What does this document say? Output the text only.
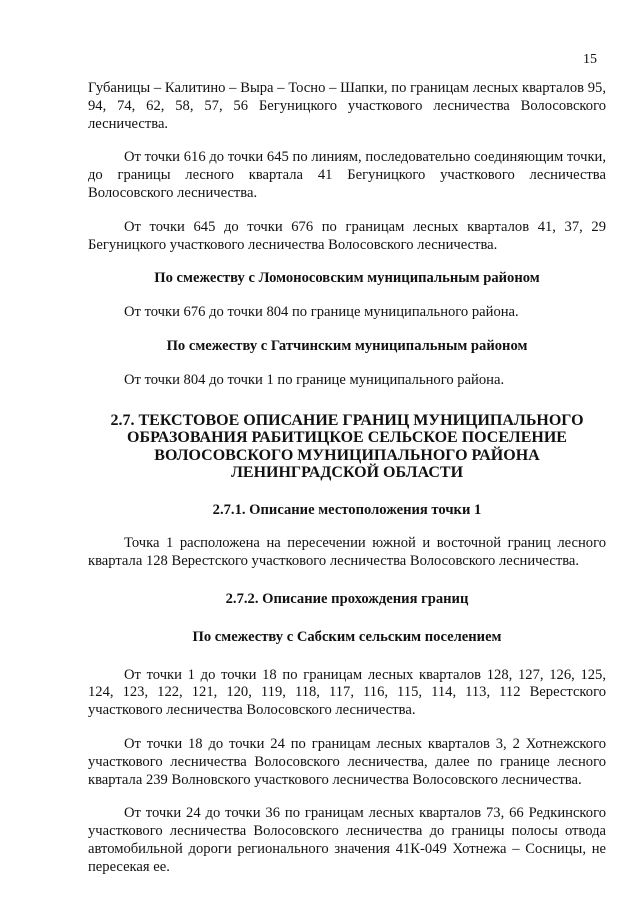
15

Губаницы – Калитино – Выра – Тосно – Шапки, по границам лесных кварталов 95, 94, 74, 62, 58, 57, 56 Бегуницкого участкового лесничества Волосовского лесничества.

От точки 616 до точки 645 по линиям, последовательно соединяющим точки, до границы лесного квартала 41 Бегуницкого участкового лесничества Волосовского лесничества.

От точки 645 до точки 676 по границам лесных кварталов 41, 37, 29 Бегуницкого участкового лесничества Волосовского лесничества.

По смежеству с Ломоносовским муниципальным районом

От точки 676 до точки 804 по границе муниципального района.

По смежеству с Гатчинским муниципальным районом

От точки 804 до точки 1 по границе муниципального района.

2.7. ТЕКСТОВОЕ ОПИСАНИЕ ГРАНИЦ МУНИЦИПАЛЬНОГО ОБРАЗОВАНИЯ РАБИТИЦКОЕ СЕЛЬСКОЕ ПОСЕЛЕНИЕ ВОЛОСОВСКОГО МУНИЦИПАЛЬНОГО РАЙОНА ЛЕНИНГРАДСКОЙ ОБЛАСТИ

2.7.1. Описание местоположения точки 1

Точка 1 расположена на пересечении южной и восточной границ лесного квартала 128 Верестского участкового лесничества Волосовского лесничества.

2.7.2. Описание прохождения границ

По смежеству с Сабским сельским поселением

От точки 1 до точки 18 по границам лесных кварталов 128, 127, 126, 125, 124, 123, 122, 121, 120, 119, 118, 117, 116, 115, 114, 113, 112 Верестского участкового лесничества Волосовского лесничества.

От точки 18 до точки 24 по границам лесных кварталов 3, 2 Хотнежского участкового лесничества Волосовского лесничества, далее по границе лесного квартала 239 Волновского участкового лесничества Волосовского лесничества.

От точки 24 до точки 36 по границам лесных кварталов 73, 66 Редкинского участкового лесничества Волосовского лесничества до границы полосы отвода автомобильной дороги регионального значения 41К-049 Хотнежа – Сосницы, не пересекая ее.
